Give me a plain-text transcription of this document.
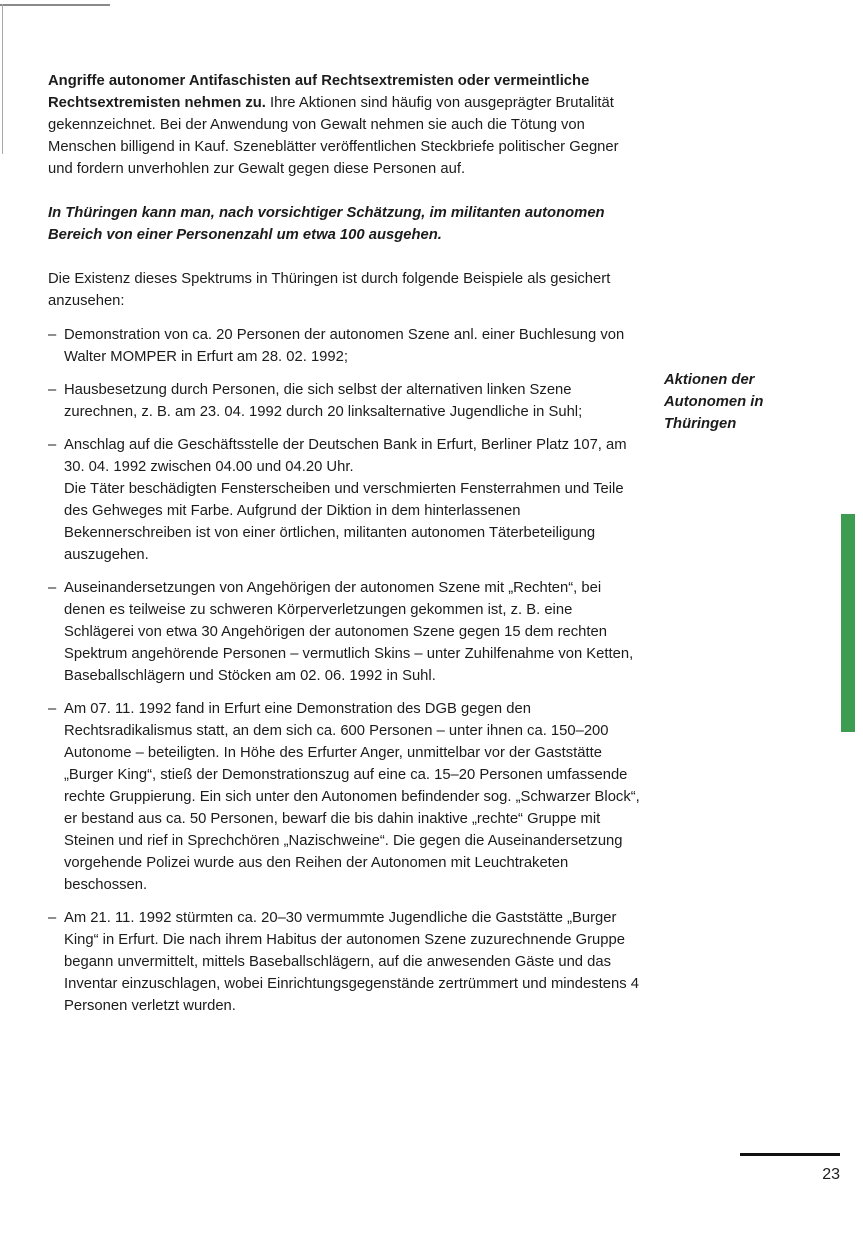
Angriffe autonomer Antifaschisten auf Rechtsextremisten oder vermeintliche Rechtsextremisten nehmen zu. Ihre Aktionen sind häufig von ausgeprägter Brutalität gekennzeichnet. Bei der Anwendung von Gewalt nehmen sie auch die Tötung von Menschen billigend in Kauf. Szeneblätter veröffentlichen Steckbriefe politischer Gegner und fordern unverhohlen zur Gewalt gegen diese Personen auf.

In Thüringen kann man, nach vorsichtiger Schätzung, im militanten autonomen Bereich von einer Personenzahl um etwa 100 ausgehen.

Die Existenz dieses Spektrums in Thüringen ist durch folgende Beispiele als gesichert anzusehen:

– Demonstration von ca. 20 Personen der autonomen Szene anl. einer Buchlesung von Walter MOMPER in Erfurt am 28. 02. 1992;
– Hausbesetzung durch Personen, die sich selbst der alternativen linken Szene zurechnen, z. B. am 23. 04. 1992 durch 20 linksalternative Jugendliche in Suhl;
– Anschlag auf die Geschäftsstelle der Deutschen Bank in Erfurt, Berliner Platz 107, am 30. 04. 1992 zwischen 04.00 und 04.20 Uhr.
Die Täter beschädigten Fensterscheiben und verschmierten Fensterrahmen und Teile des Gehweges mit Farbe. Aufgrund der Diktion in dem hinterlassenen Bekennerschreiben ist von einer örtlichen, militanten autonomen Täterbeteiligung auszugehen.
– Auseinandersetzungen von Angehörigen der autonomen Szene mit „Rechten“, bei denen es teilweise zu schweren Körperverletzungen gekommen ist, z. B. eine Schlägerei von etwa 30 Angehörigen der autonomen Szene gegen 15 dem rechten Spektrum angehörende Personen – vermutlich Skins – unter Zuhilfenahme von Ketten, Baseballschlägern und Stöcken am 02. 06. 1992 in Suhl.
– Am 07. 11. 1992 fand in Erfurt eine Demonstration des DGB gegen den Rechtsradikalismus statt, an dem sich ca. 600 Personen – unter ihnen ca. 150–200 Autonome – beteiligten. In Höhe des Erfurter Anger, unmittelbar vor der Gaststätte „Burger King“, stieß der Demonstrationszug auf eine ca. 15–20 Personen umfassende rechte Gruppierung. Ein sich unter den Autonomen befindender sog. „Schwarzer Block“, er bestand aus ca. 50 Personen, bewarf die bis dahin inaktive „rechte“ Gruppe mit Steinen und rief in Sprechchören „Nazischweine“. Die gegen die Auseinandersetzung vorgehende Polizei wurde aus den Reihen der Autonomen mit Leuchtraketen beschossen.
– Am 21. 11. 1992 stürmten ca. 20–30 vermummte Jugendliche die Gaststätte „Burger King“ in Erfurt. Die nach ihrem Habitus der autonomen Szene zuzurechnende Gruppe begann unvermittelt, mittels Baseballschlägern, auf die anwesenden Gäste und das Inventar einzuschlagen, wobei Einrichtungsgegenstände zertrümmert und mindestens 4 Personen verletzt wurden.
Aktionen der Autonomen in Thüringen
23
